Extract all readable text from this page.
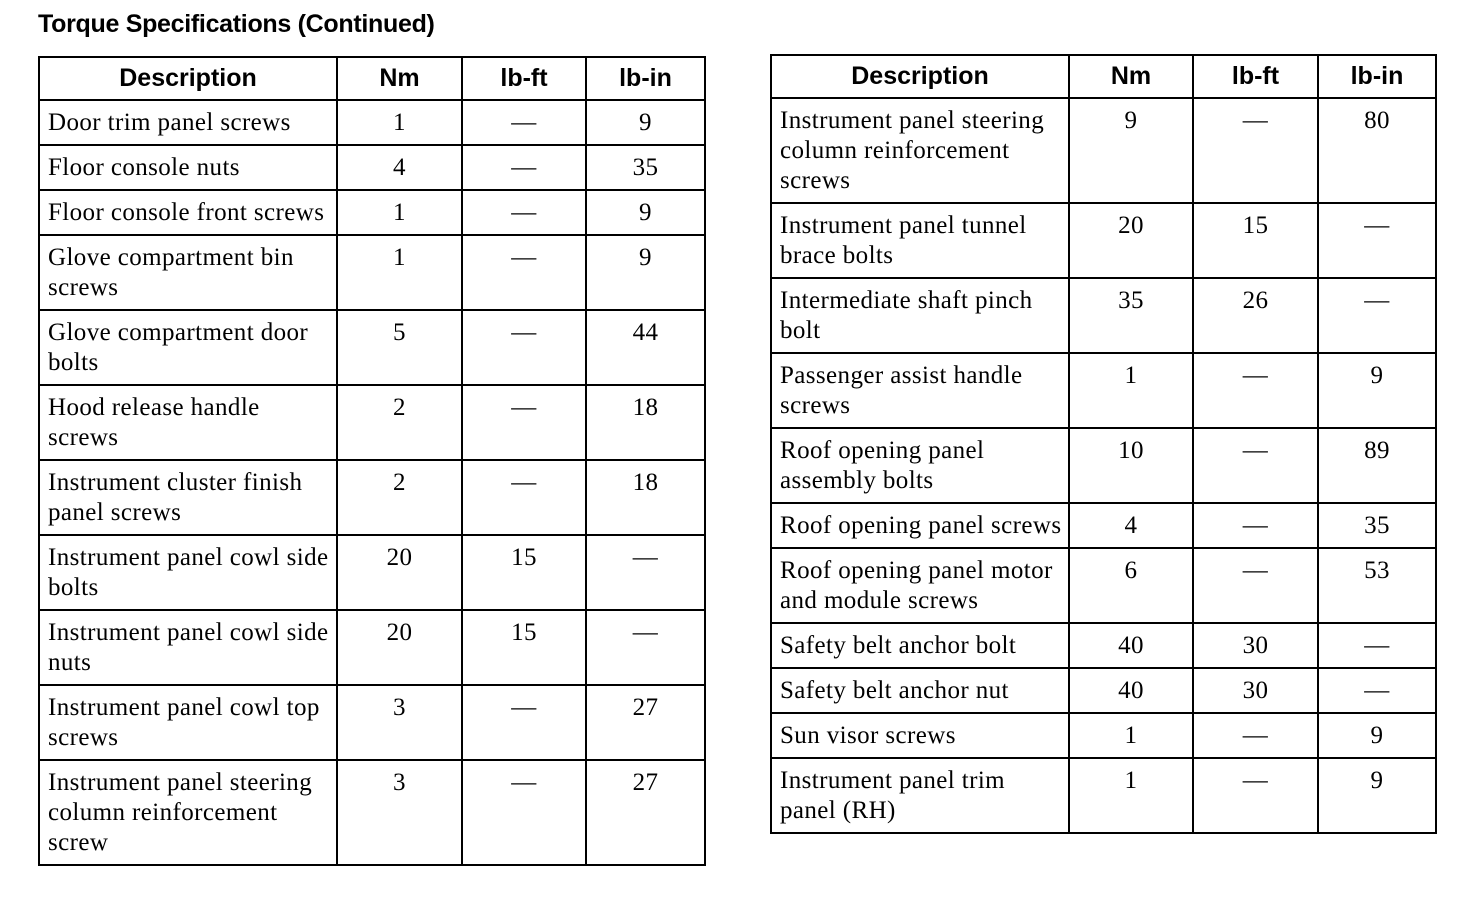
Torque Specifications (Continued)
Description	Nm	lb-ft	lb-in
Door trim panel screws	1	—	9
Floor console nuts	4	—	35
Floor console front screws	1	—	9
Glove compartment bin screws	1	—	9
Glove compartment door bolts	5	—	44
Hood release handle screws	2	—	18
Instrument cluster finish panel screws	2	—	18
Instrument panel cowl side bolts	20	15	—
Instrument panel cowl side nuts	20	15	—
Instrument panel cowl top screws	3	—	27
Instrument panel steering column reinforcement screw	3	—	27
Description	Nm	lb-ft	lb-in
Instrument panel steering column reinforcement screws	9	—	80
Instrument panel tunnel brace bolts	20	15	—
Intermediate shaft pinch bolt	35	26	—
Passenger assist handle screws	1	—	9
Roof opening panel assembly bolts	10	—	89
Roof opening panel screws	4	—	35
Roof opening panel motor and module screws	6	—	53
Safety belt anchor bolt	40	30	—
Safety belt anchor nut	40	30	—
Sun visor screws	1	—	9
Instrument panel trim panel (RH)	1	—	9
